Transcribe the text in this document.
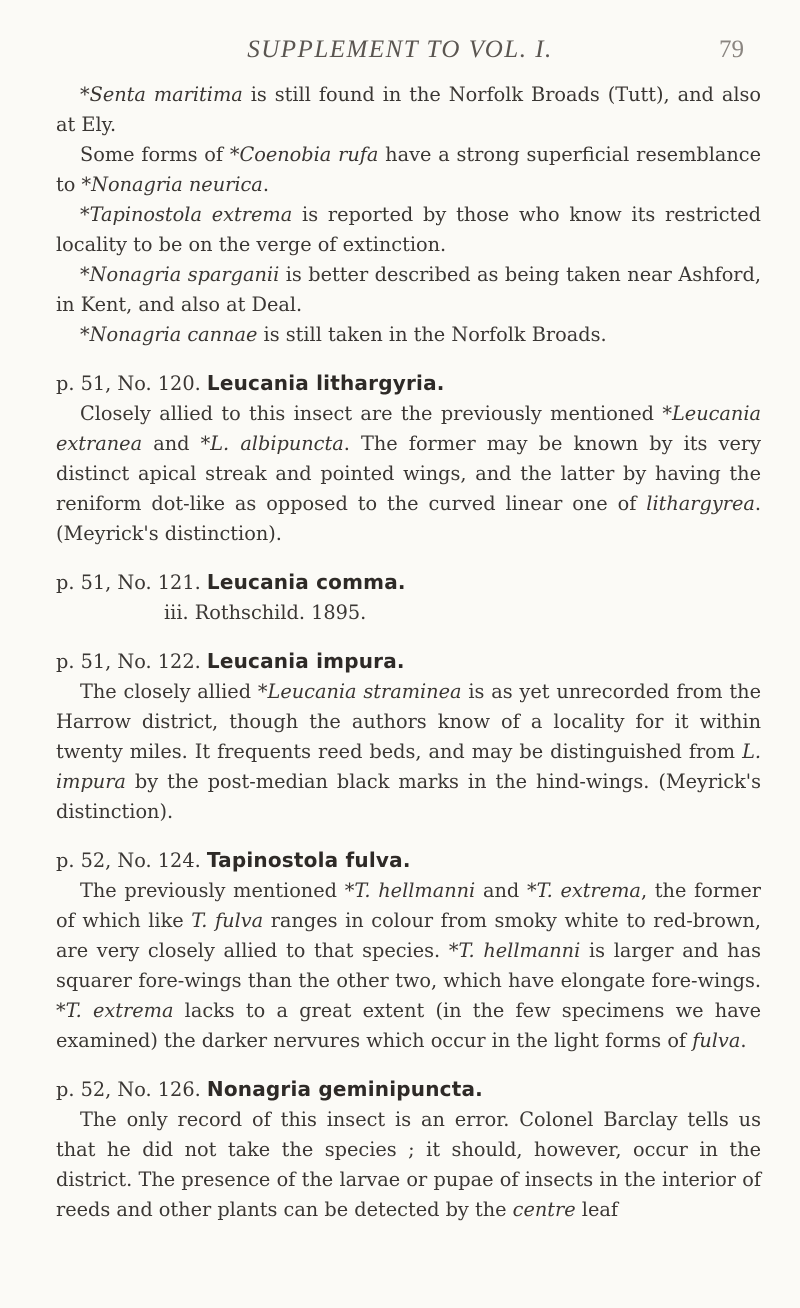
SUPPLEMENT TO VOL. I.	79

*Senta maritima is still found in the Norfolk Broads (Tutt), and also at Ely.

Some forms of *Coenobia rufa have a strong superficial resemblance to *Nonagria neurica.

*Tapinostola extrema is reported by those who know its restricted locality to be on the verge of extinction.

*Nonagria sparganii is better described as being taken near Ashford, in Kent, and also at Deal.

*Nonagria cannae is still taken in the Norfolk Broads.

p. 51, No. 120. Leucania lithargyria.

Closely allied to this insect are the previously mentioned *Leucania extranea and *L. albipuncta. The former may be known by its very distinct apical streak and pointed wings, and the latter by having the reniform dot-like as opposed to the curved linear one of lithargyrea. (Meyrick's distinction).

p. 51, No. 121. Leucania comma.

iii. Rothschild. 1895.

p. 51, No. 122. Leucania impura.

The closely allied *Leucania straminea is as yet unrecorded from the Harrow district, though the authors know of a locality for it within twenty miles. It frequents reed beds, and may be distinguished from L. impura by the post-median black marks in the hind-wings. (Meyrick's distinction).

p. 52, No. 124. Tapinostola fulva.

The previously mentioned *T. hellmanni and *T. extrema, the former of which like T. fulva ranges in colour from smoky white to red-brown, are very closely allied to that species. *T. hellmanni is larger and has squarer fore-wings than the other two, which have elongate fore-wings. *T. extrema lacks to a great extent (in the few specimens we have examined) the darker nervures which occur in the light forms of fulva.

p. 52, No. 126. Nonagria geminipuncta.

The only record of this insect is an error. Colonel Barclay tells us that he did not take the species ; it should, however, occur in the district. The presence of the larvae or pupae of insects in the interior of reeds and other plants can be detected by the centre leaf
